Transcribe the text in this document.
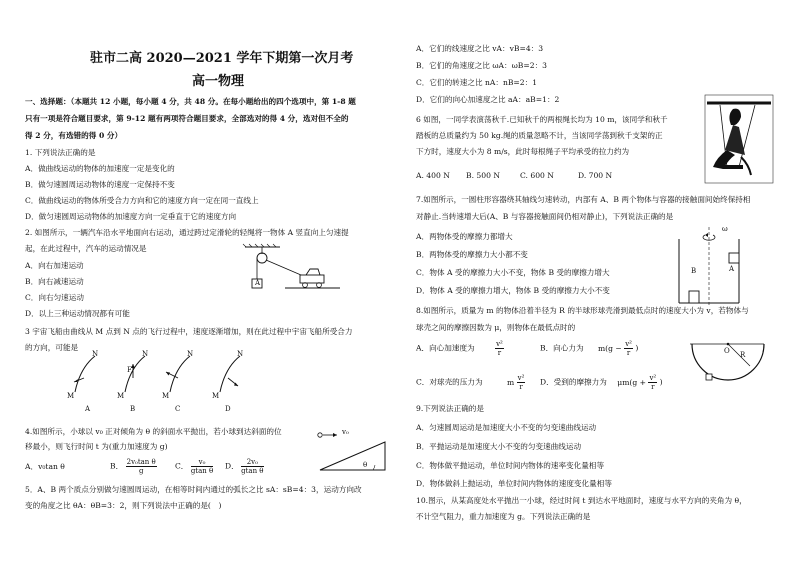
驻市二高 2020—2021 学年下期第一次月考
高一物理
一、选择题：（本题共 12 小题，每小题 4 分，共 48 分。在每小题给出的四个选项中，第 1-8 题
只有一项是符合题目要求，第 9-12 题有两项符合题目要求，全部选对的得 4 分，选对但不全的
得 2 分，有选错的得 0 分）
1. 下列说法正确的是
A．做曲线运动的物体的加速度一定是变化的
B．做匀速圆周运动物体的速度一定保持不变
C．做曲线运动的物体所受合力方向和它的速度方向一定在同一直线上
D．做匀速圆周运动物体的加速度方向一定垂直于它的速度方向
2. 如图所示，一辆汽车沿水平地面向右运动，通过跨过定滑轮的轻绳将一物体 A 竖直向上匀速提
起，在此过程中，汽车的运动情况是
A．向右加速运动
B．向右减速运动
C．向右匀速运动
D．以上三种运动情况都有可能
A
3 宇宙飞船由曲线从 M 点到 N 点的飞行过程中，速度逐渐增加，则在此过程中宇宙飞船所受合力
的方向，可能是
N
M
N
F
M
N
M
N
M
A	B	C	D
4.如图所示，小球以 v₀ 正对倾角为 θ 的斜面水平抛出，若小球到达斜面的位
移最小，则飞行时间 t 为(重力加速度为 g)
A．v₀tan θ	B． $\frac{\text{2v₀tan θ}}{g}$ C． $\frac{\text{v₀}}{\text{gtan θ}}$ D． $\frac{\text{2v₀}}{\text{gtan θ}}$
v₀
θ
5．A、B 两个质点分别做匀速圆周运动，在相等时间内通过的弧长之比 sA：sB=4：3，运动方向改
变的角度之比 θA：θB=3：2，则下列说法中正确的是(　)
A．它们的线速度之比 vA：vB=4：3
B．它们的角速度之比 ωA：ωB=2：3
C．它们的转速之比 nA：nB=2：1
D．它们的向心加速度之比 aA：aB=1：2
6 如图，一同学表演荡秋千.已知秋千的两根绳长均为 10 m，该同学和秋千
踏板的总质量约为 50 kg.绳的质量忽略不计，当该同学荡到秋千支架的正
下方时，速度大小为 8 m/s，此时每根绳子平均承受的拉力约为
A. 400 N B. 500 N	C. 600 N	D. 700 N
7.如图所示，一圆柱形容器绕其轴线匀速转动，内部有 A、B 两个物体与容器的接触面间始终保持相
对静止.当转速增大后(A、B 与容器接触面间仍相对静止)，下列说法正确的是
A．两物体受的摩擦力都增大
B．两物体受的摩擦力大小都不变
C．物体 A 受的摩擦力大小不变，物体 B 受的摩擦力增大
D．物体 A 受的摩擦力增大，物体 B 受的摩擦力大小不变
ω
A
B
8.如图所示，质量为 m 的物体沿着半径为 R 的半球形球壳滑到最低点时的速度大小为 v，若物体与
球壳之间的摩擦因数为 μ，则物体在最低点时的
A．向心加速度为	$\frac{\text{v²}}{r}$	B．向心力为 $m(g - \frac{\text{v²}}{r}$ )
C．对球壳的压力为	m $\frac{\text{v²}}{r}$ D．受到的摩擦力为 $\mu m(g + \frac{\text{v²}}{r}$ )
O R
9.下列说法正确的是
A．匀速圆周运动是加速度大小不变的匀变速曲线运动
B．平抛运动是加速度大小不变的匀变速曲线运动
C．物体做平抛运动，单位时间内物体的速率变化量相等
D．物体做斜上抛运动，单位时间内物体的速度变化量相等
10.图示，从某高度处水平抛出一小球，经过时间 t 到达水平地面时，速度与水平方向的夹角为 θ，
不计空气阻力，重力加速度为 g。下列说法正确的是
